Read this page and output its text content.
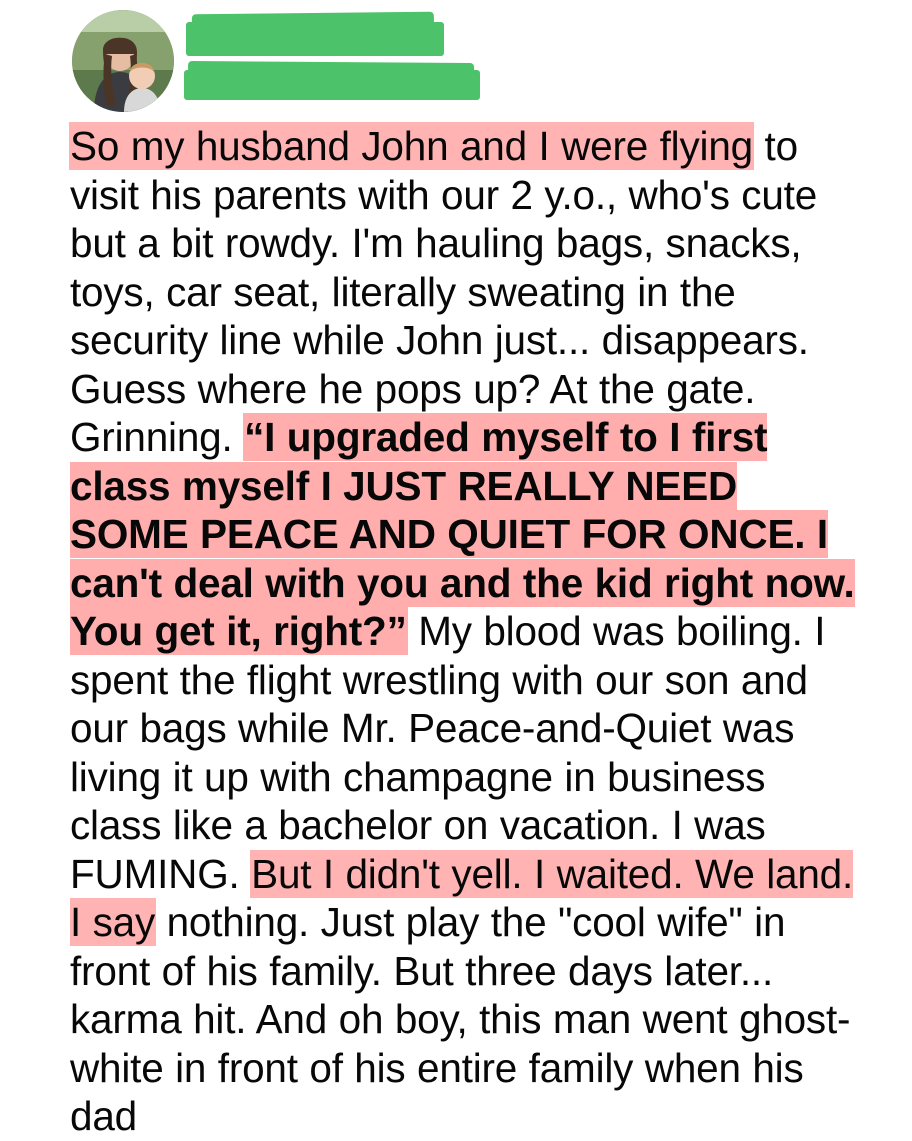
So my husband John and I were flying to visit his parents with our 2 y.o., who's cute but a bit rowdy. I'm hauling bags, snacks, toys, car seat, literally sweating in the security line while John just... disappears. Guess where he pops up? At the gate. Grinning. “I upgraded myself to I first class myself I JUST REALLY NEED SOME PEACE AND QUIET FOR ONCE. I can't deal with you and the kid right now. You get it, right?” My blood was boiling. I spent the flight wrestling with our son and our bags while Mr. Peace-and-Quiet was living it up with champagne in business class like a bachelor on vacation. I was FUMING. But I didn't yell. I waited. We land. I say nothing. Just play the "cool wife" in front of his family. But three days later... karma hit. And oh boy, this man went ghost-white in front of his entire family when his dad
